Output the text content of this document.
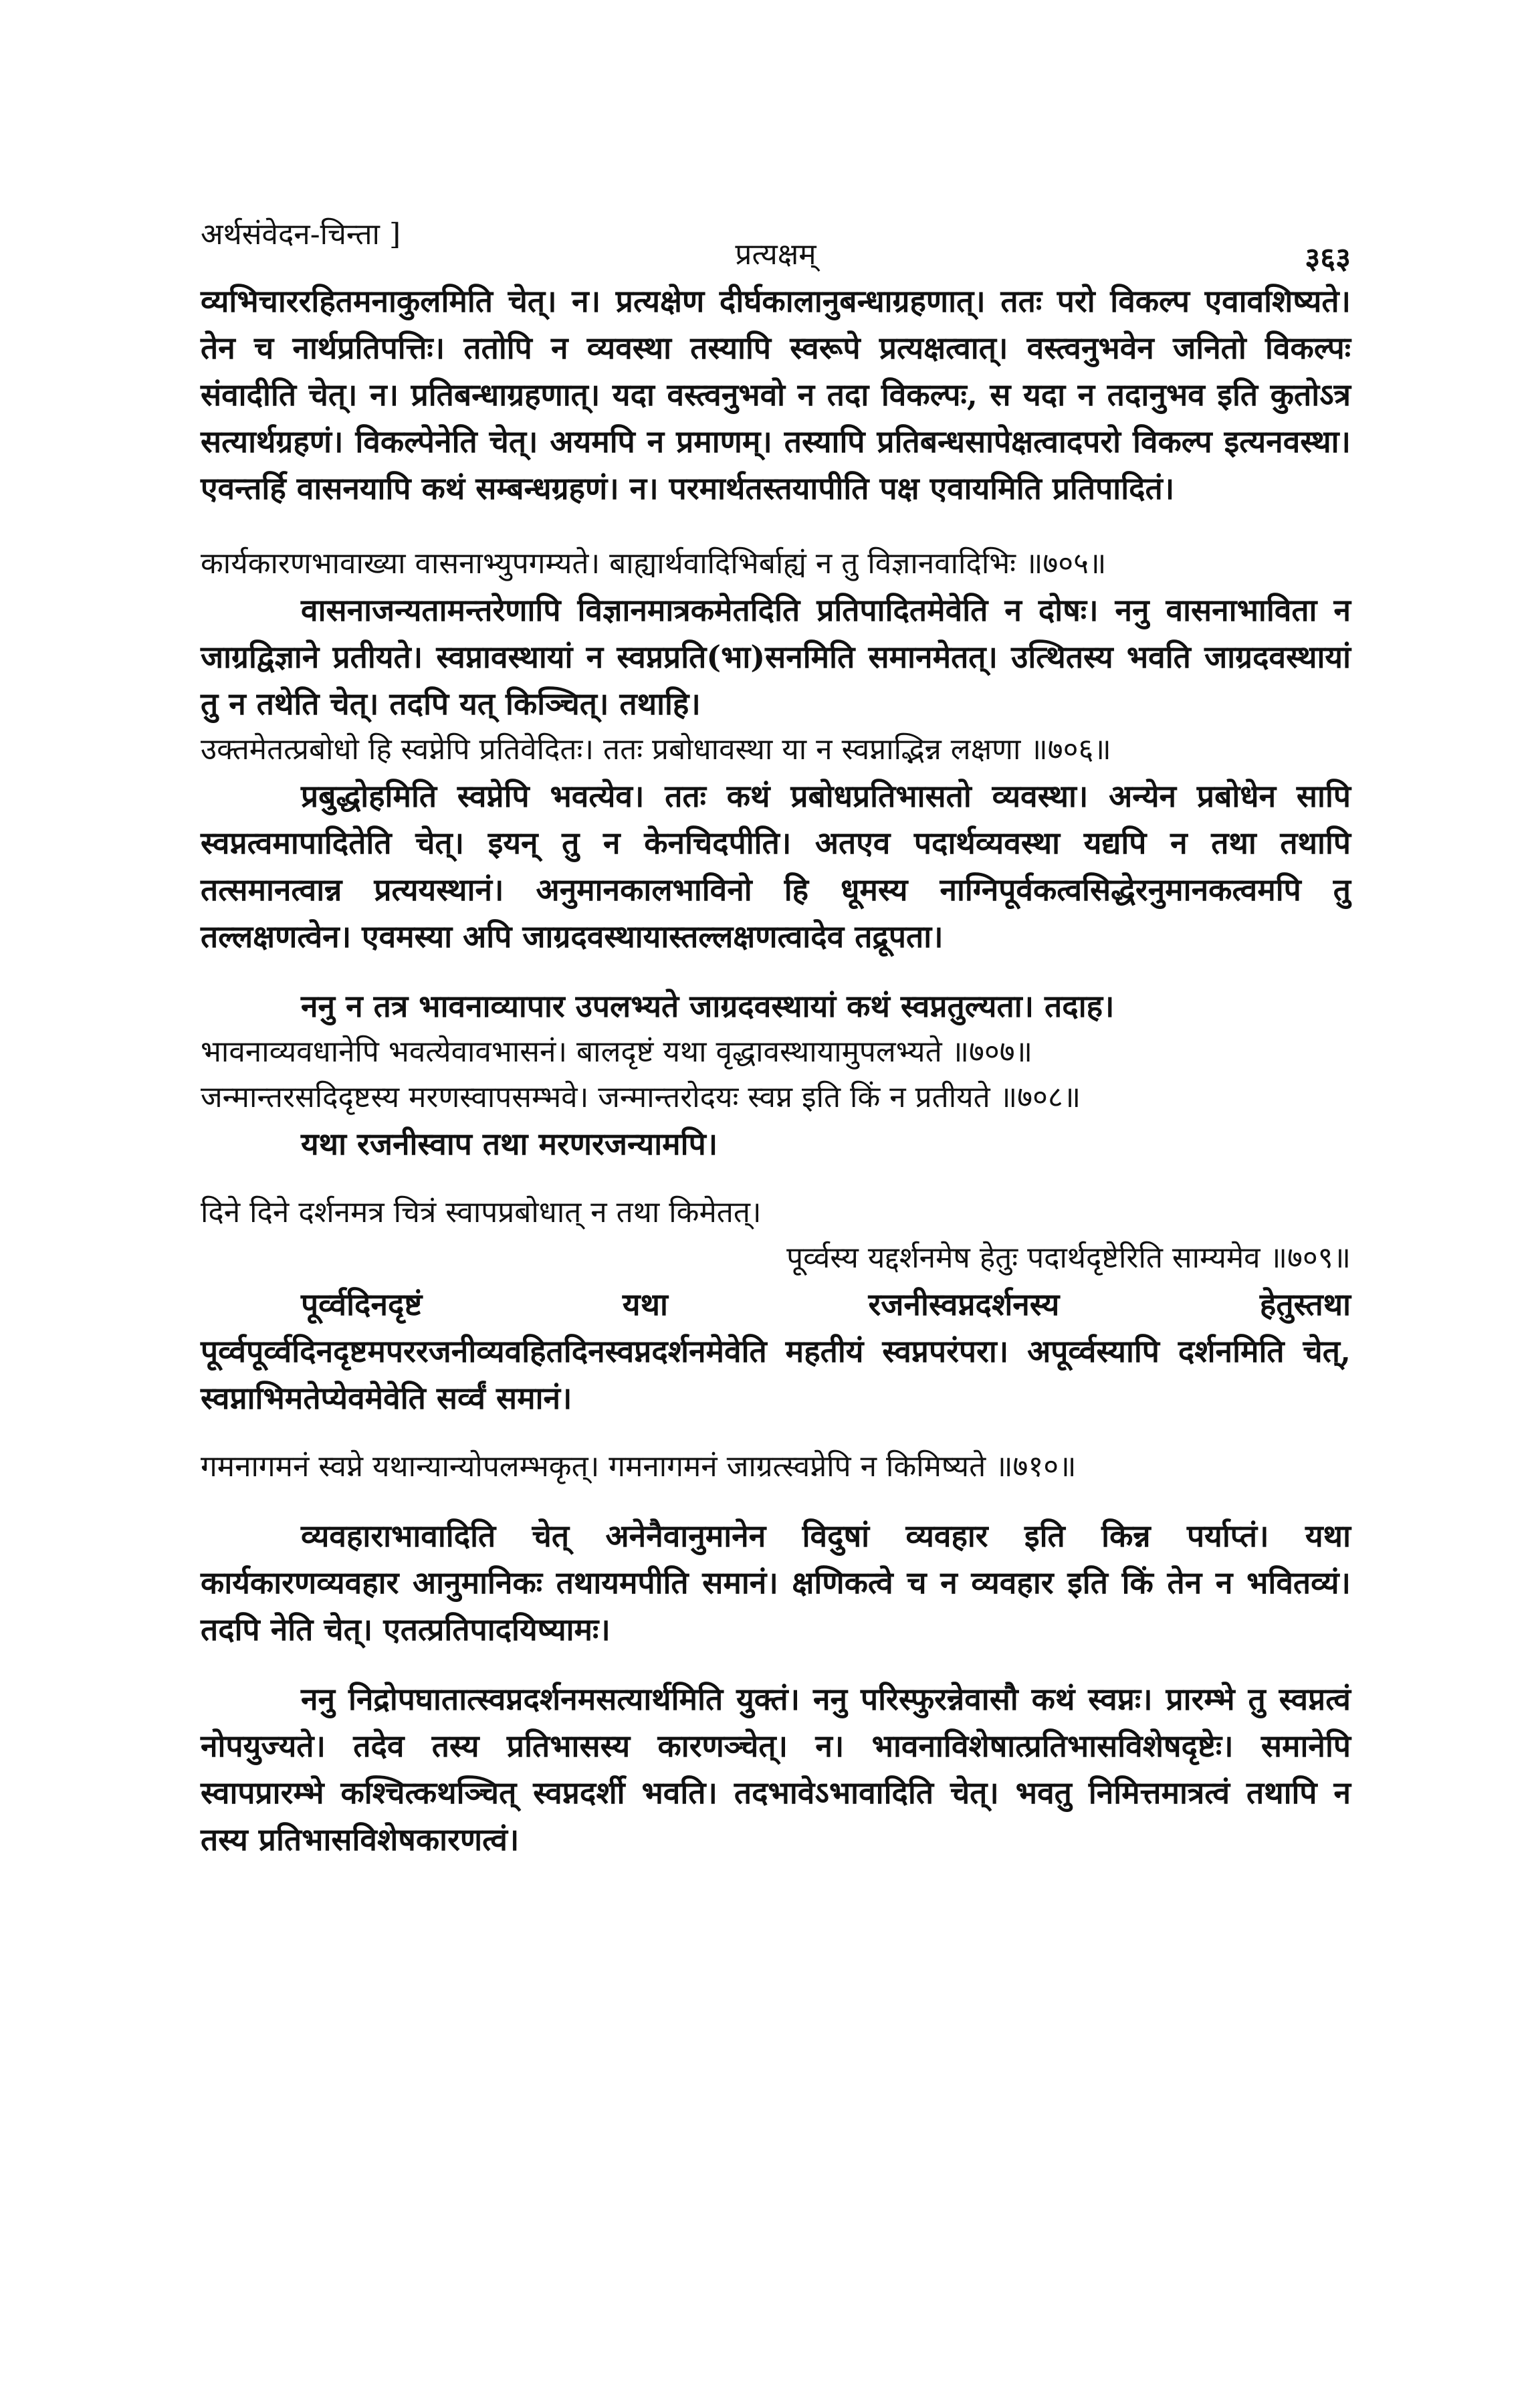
अर्थसंवेदन-चिन्ता ]
प्रत्यक्षम्	३६३

व्यभिचाररहितमनाकुलमिति चेत्। न। प्रत्यक्षेण दीर्घकालानुबन्धाग्रहणात्। ततः परो विकल्प एवावशिष्यते। तेन च नार्थप्रतिपत्तिः। ततोपि न व्यवस्था तस्यापि स्वरूपे प्रत्यक्षत्वात्। वस्त्वनुभवेन जनितो विकल्पः संवादीति चेत्। न। प्रतिबन्धाग्रहणात्। यदा वस्त्वनुभवो न तदा विकल्पः, स यदा न तदानुभव इति कुतोऽत्र सत्यार्थग्रहणं। विकल्पेनेति चेत्। अयमपि न प्रमाणम्। तस्यापि प्रतिबन्धसापेक्षत्वादपरो विकल्प इत्यनवस्था। एवन्तर्हि वासनयापि कथं सम्बन्धग्रहणं। न। परमार्थतस्तयापीति पक्ष एवायमिति प्रतिपादितं।

कार्यकारणभावाख्या वासनाभ्युपगम्यते। बाह्यार्थवादिभिर्बाह्यं न तु विज्ञानवादिभिः ॥७०५॥

वासनाजन्यतामन्तरेणापि विज्ञानमात्रकमेतदिति प्रतिपादितमेवेति न दोषः। ननु वासनाभाविता न जाग्रद्विज्ञाने प्रतीयते। स्वप्नावस्थायां न स्वप्नप्रति(भा)सनमिति समानमेतत्। उत्थितस्य भवति जाग्रदवस्थायां तु न तथेति चेत्। तदपि यत् किञ्चित्। तथाहि।

उक्तमेतत्प्रबोधो हि स्वप्नेपि प्रतिवेदितः। ततः प्रबोधावस्था या न स्वप्नाद्भिन्न लक्षणा ॥७०६॥

प्रबुद्धोहमिति स्वप्नेपि भवत्येव। ततः कथं प्रबोधप्रतिभासतो व्यवस्था। अन्येन प्रबोधेन सापि स्वप्नत्वमापादितेति चेत्। इयन् तु न केनचिदपीति। अतएव पदार्थव्यवस्था यद्यपि न तथा तथापि तत्समानत्वान्न प्रत्ययस्थानं। अनुमानकालभाविनो हि धूमस्य नाग्निपूर्वकत्वसिद्धेरनुमानकत्वमपि तु तल्लक्षणत्वेन। एवमस्या अपि जाग्रदवस्थायास्तल्लक्षणत्वादेव तद्रूपता।

ननु न तत्र भावनाव्यापार उपलभ्यते जाग्रदवस्थायां कथं स्वप्नतुल्यता। तदाह।

भावनाव्यवधानेपि भवत्येवावभासनं। बालदृष्टं यथा वृद्धावस्थायामुपलभ्यते ॥७०७॥

जन्मान्तरसदिदृष्टस्य मरणस्वापसम्भवे। जन्मान्तरोदयः स्वप्न इति किं न प्रतीयते ॥७०८॥

यथा रजनीस्वाप तथा मरणरजन्यामपि।

दिने दिने दर्शनमत्र चित्रं स्वापप्रबोधात् न तथा किमेतत्।

पूर्व्वस्य यद्दर्शनमेष हेतुः पदार्थदृष्टेरिति साम्यमेव ॥७०९॥

पूर्व्वदिनदृष्टं यथा रजनीस्वप्नदर्शनस्य हेतुस्तथा पूर्व्वपूर्व्वदिनदृष्टमपररजनीव्यवहितदिनस्वप्नदर्शनमेवेति महतीयं स्वप्नपरंपरा। अपूर्व्वस्यापि दर्शनमिति चेत्, स्वप्नाभिमतेप्येवमेवेति सर्व्वं समानं।

गमनागमनं स्वप्ने यथान्यान्योपलम्भकृत्। गमनागमनं जाग्रत्स्वप्नेपि न किमिष्यते ॥७१०॥

व्यवहाराभावादिति चेत् अनेनैवानुमानेन विदुषां व्यवहार इति किन्न पर्याप्तं। यथा कार्यकारणव्यवहार आनुमानिकः तथायमपीति समानं। क्षणिकत्वे च न व्यवहार इति किं तेन न भवितव्यं। तदपि नेति चेत्। एतत्प्रतिपादयिष्यामः।

ननु निद्रोपघातात्स्वप्नदर्शनमसत्यार्थमिति युक्तं। ननु परिस्फुरन्नेवासौ कथं स्वप्नः। प्रारम्भे तु स्वप्नत्वं नोपयुज्यते। तदेव तस्य प्रतिभासस्य कारणञ्चेत्। न। भावनाविशेषात्प्रतिभासविशेषदृष्टेः। समानेपि स्वापप्रारम्भे कश्चित्कथञ्चित् स्वप्नदर्शी भवति। तदभावेऽभावादिति चेत्। भवतु निमित्तमात्रत्वं तथापि न तस्य प्रतिभासविशेषकारणत्वं।
